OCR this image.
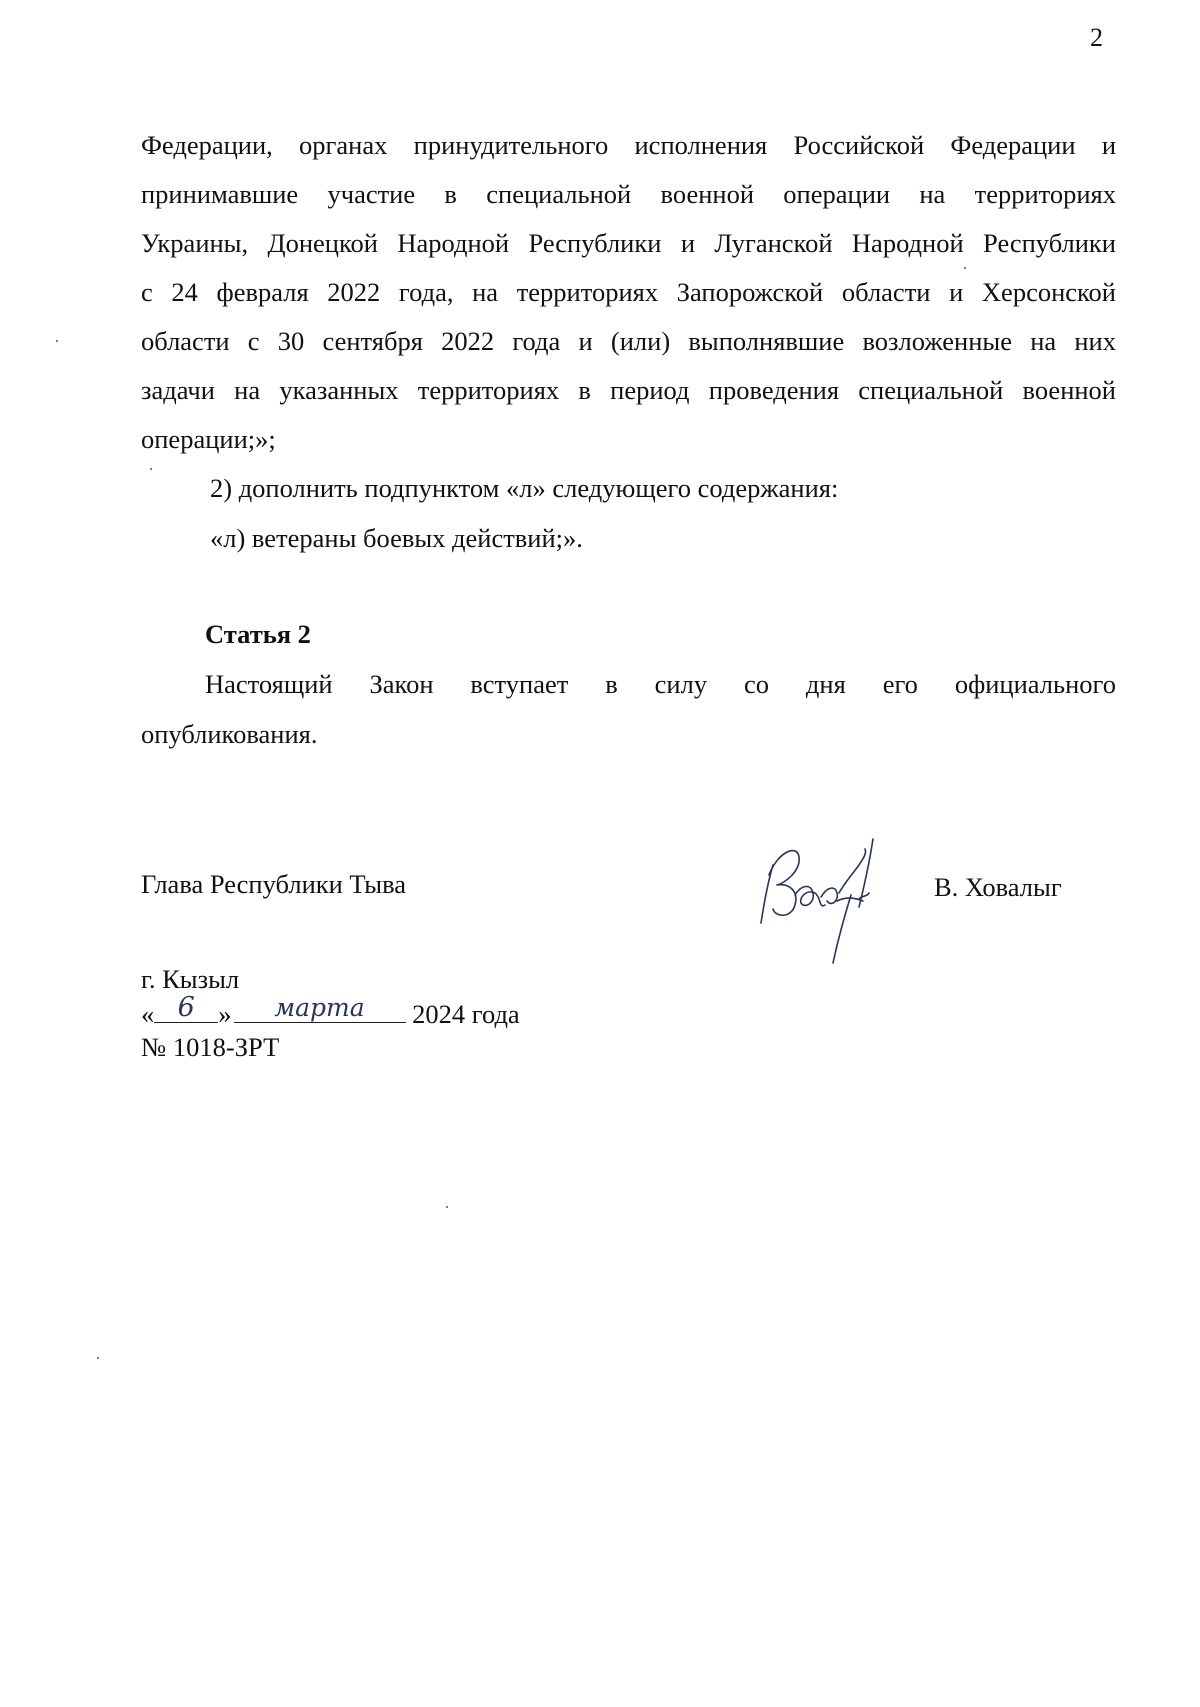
2
Федерации, органах принудительного исполнения Российской Федерации и
принимавшие участие в специальной военной операции на территориях
Украины, Донецкой Народной Республики и Луганской Народной Республики
с 24 февраля 2022 года, на территориях Запорожской области и Херсонской
области с 30 сентября 2022 года и (или) выполнявшие возложенные на них
задачи на указанных территориях в период проведения специальной военной
операции;»;
2) дополнить подпунктом «л» следующего содержания:
«л) ветераны боевых действий;».
Статья 2
Настоящий Закон вступает в силу со дня его официального
опубликования.
Глава Республики Тыва	В. Ховалыг
г. Кызыл
« 6 »	марта	2024 года
№ 1018-ЗРТ
